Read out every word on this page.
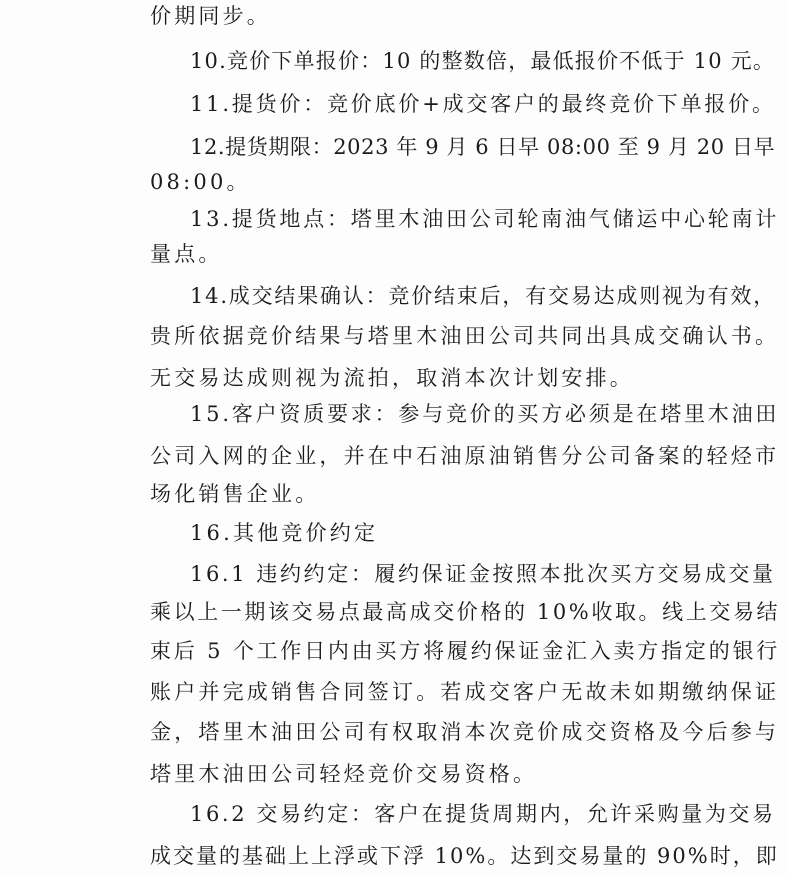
价期同步。
10.竞价下单报价：10 的整数倍，最低报价不低于 10 元。
11.提货价：竞价底价+成交客户的最终竞价下单报价。
12.提货期限：2023 年 9 月 6 日早 08:00 至 9 月 20 日早
08:00。
13.提货地点：塔里木油田公司轮南油气储运中心轮南计
量点。
14.成交结果确认：竞价结束后，有交易达成则视为有效，
贵所依据竞价结果与塔里木油田公司共同出具成交确认书。
无交易达成则视为流拍，取消本次计划安排。
15.客户资质要求：参与竞价的买方必须是在塔里木油田
公司入网的企业，并在中石油原油销售分公司备案的轻烃市
场化销售企业。
16.其他竞价约定
16.1 违约约定：履约保证金按照本批次买方交易成交量
乘以上一期该交易点最高成交价格的 10%收取。线上交易结
束后 5 个工作日内由买方将履约保证金汇入卖方指定的银行
账户并完成销售合同签订。若成交客户无故未如期缴纳保证
金，塔里木油田公司有权取消本次竞价成交资格及今后参与
塔里木油田公司轻烃竞价交易资格。
16.2 交易约定：客户在提货周期内，允许采购量为交易
成交量的基础上上浮或下浮 10%。达到交易量的 90%时，即
